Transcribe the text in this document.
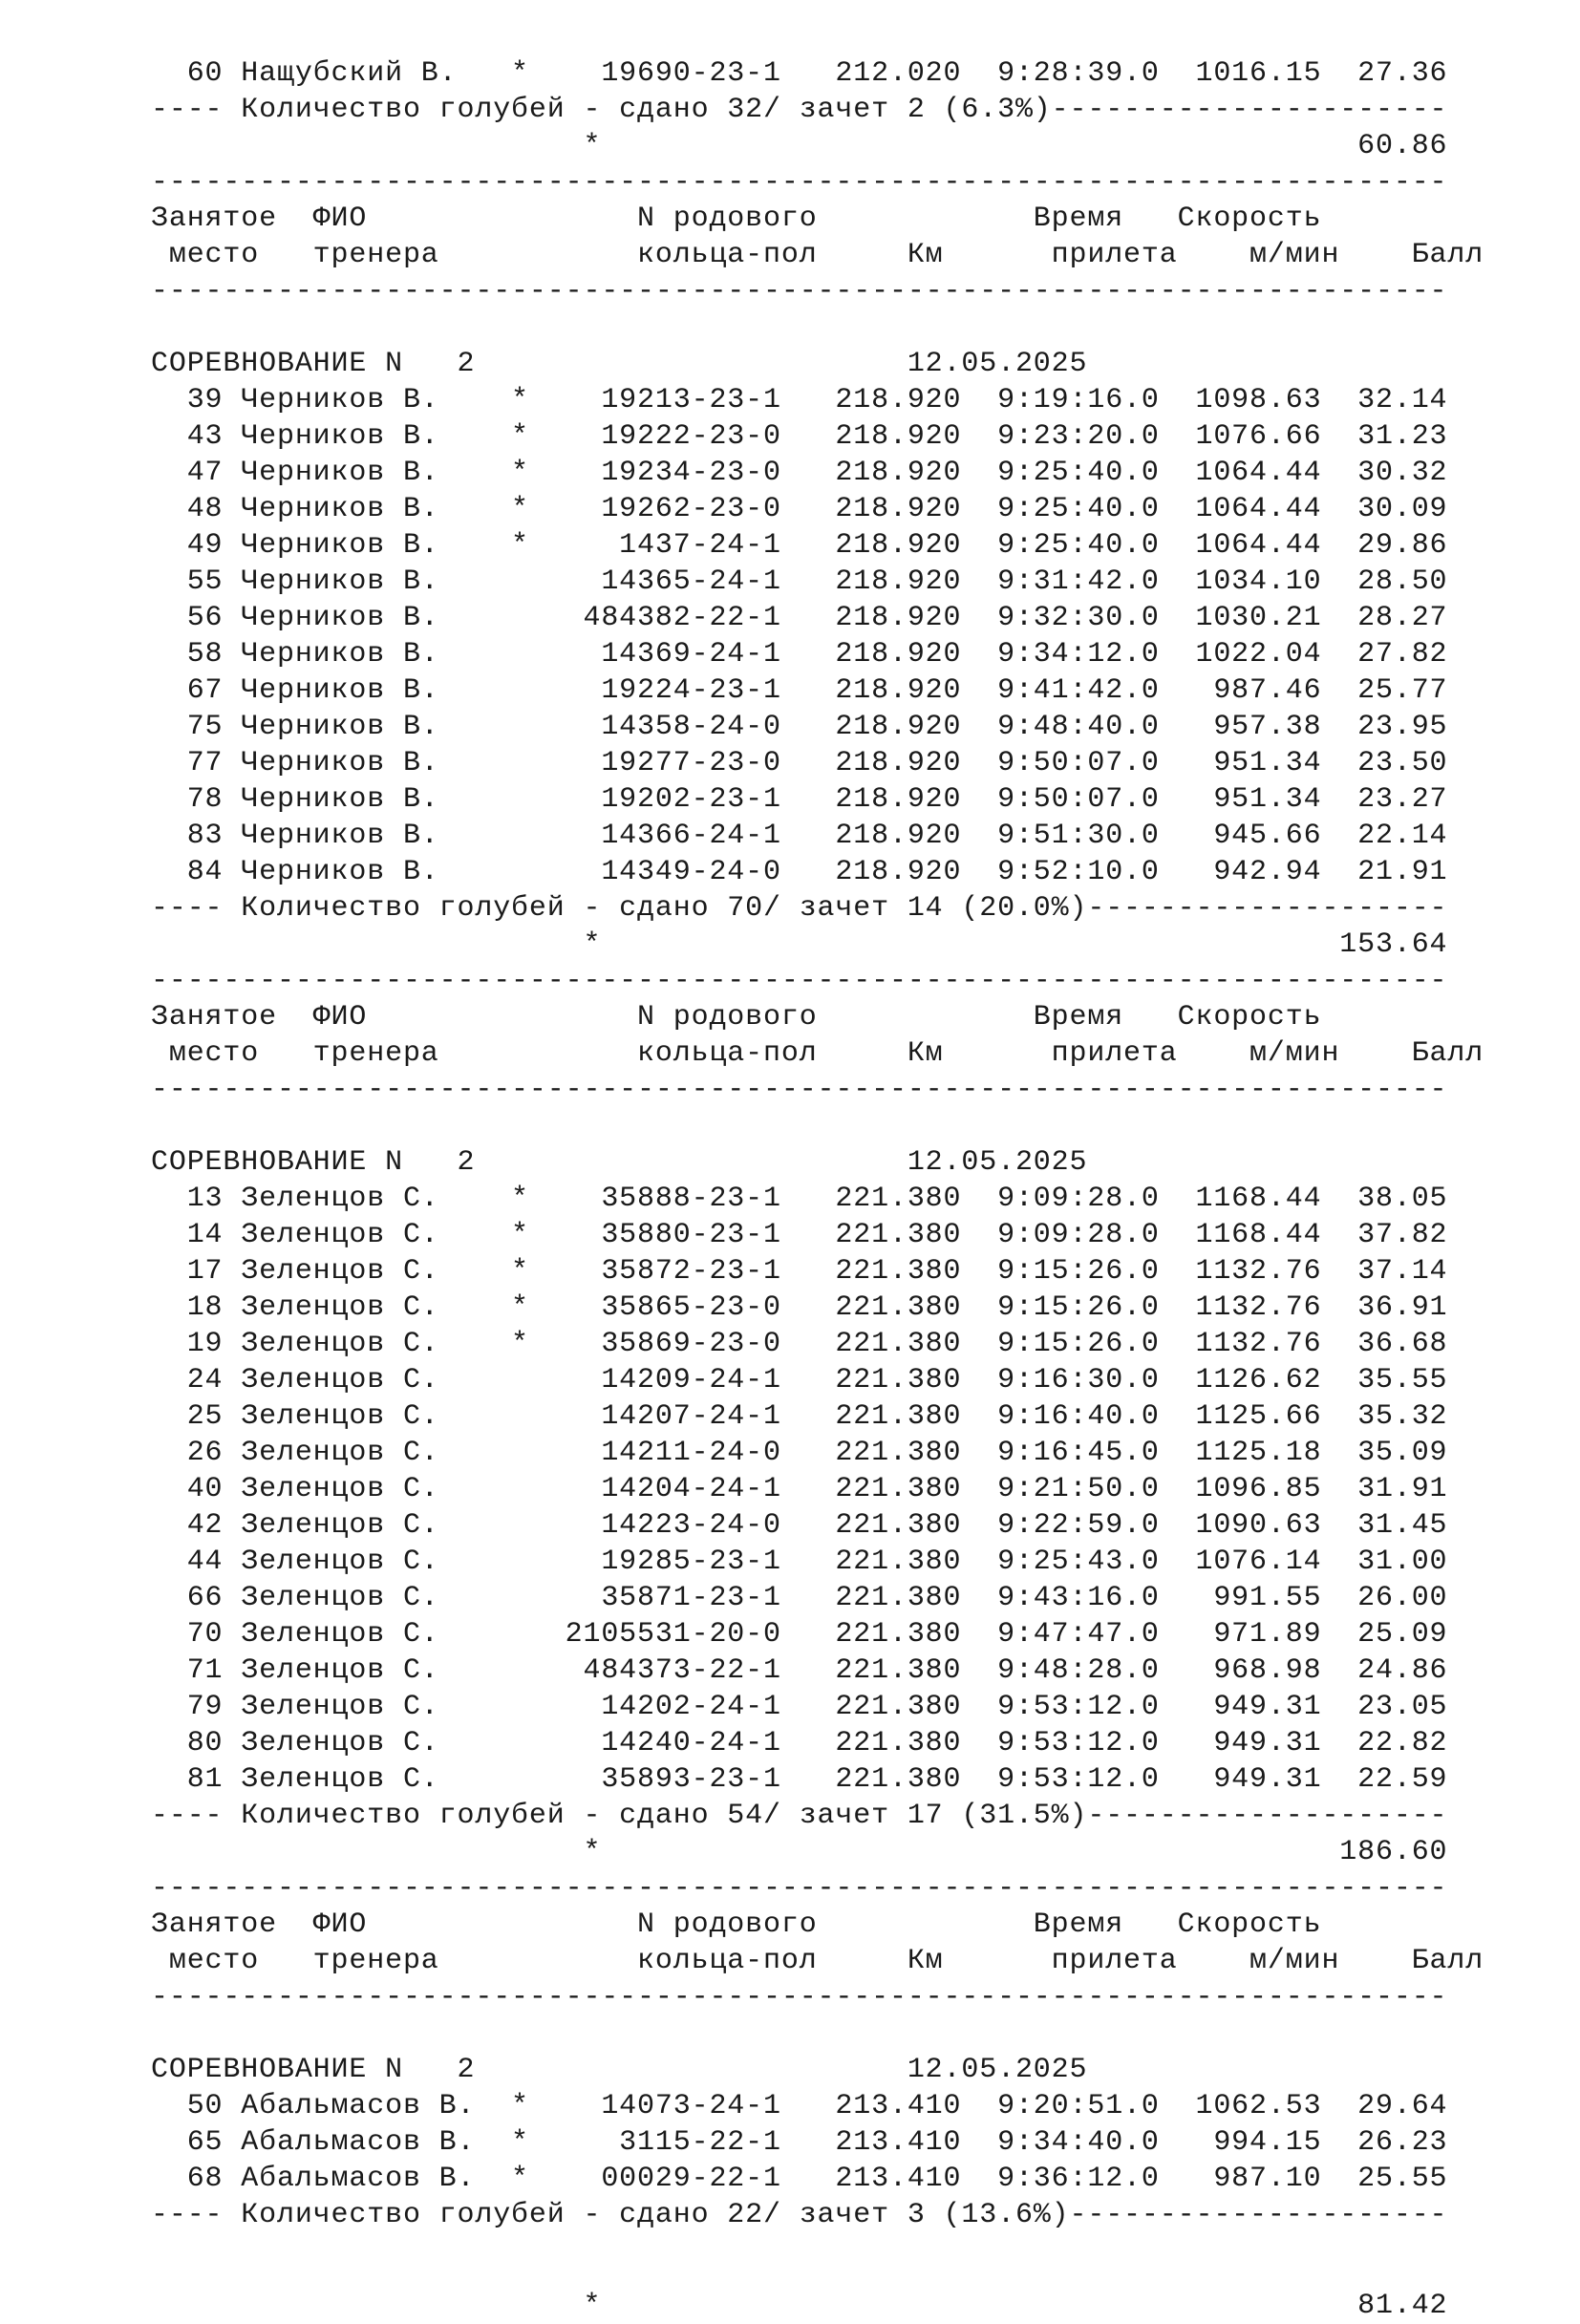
60 Нащубский В.   *    19690-23-1   212.020  9:28:39.0  1016.15  27.36
---- Количество голубей - сдано 32/ зачет 2 (6.3%)----------------------
*                                          60.86
------------------------------------------------------------------------
Занятое  ФИО               N родового            Время   Скорость
место   тренера           кольца-пол     Км      прилета    м/мин    Балл
------------------------------------------------------------------------
СОРЕВНОВАНИЕ N   2                        12.05.2025
39 Черников В.    *    19213-23-1   218.920  9:19:16.0  1098.63  32.14
43 Черников В.    *    19222-23-0   218.920  9:23:20.0  1076.66  31.23
47 Черников В.    *    19234-23-0   218.920  9:25:40.0  1064.44  30.32
48 Черников В.    *    19262-23-0   218.920  9:25:40.0  1064.44  30.09
49 Черников В.    *     1437-24-1   218.920  9:25:40.0  1064.44  29.86
55 Черников В.         14365-24-1   218.920  9:31:42.0  1034.10  28.50
56 Черников В.        484382-22-1   218.920  9:32:30.0  1030.21  28.27
58 Черников В.         14369-24-1   218.920  9:34:12.0  1022.04  27.82
67 Черников В.         19224-23-1   218.920  9:41:42.0   987.46  25.77
75 Черников В.         14358-24-0   218.920  9:48:40.0   957.38  23.95
77 Черников В.         19277-23-0   218.920  9:50:07.0   951.34  23.50
78 Черников В.         19202-23-1   218.920  9:50:07.0   951.34  23.27
83 Черников В.         14366-24-1   218.920  9:51:30.0   945.66  22.14
84 Черников В.         14349-24-0   218.920  9:52:10.0   942.94  21.91
---- Количество голубей - сдано 70/ зачет 14 (20.0%)--------------------
*                                         153.64
------------------------------------------------------------------------
Занятое  ФИО               N родового            Время   Скорость
место   тренера           кольца-пол     Км      прилета    м/мин    Балл
------------------------------------------------------------------------
СОРЕВНОВАНИЕ N   2                        12.05.2025
13 Зеленцов С.    *    35888-23-1   221.380  9:09:28.0  1168.44  38.05
14 Зеленцов С.    *    35880-23-1   221.380  9:09:28.0  1168.44  37.82
17 Зеленцов С.    *    35872-23-1   221.380  9:15:26.0  1132.76  37.14
18 Зеленцов С.    *    35865-23-0   221.380  9:15:26.0  1132.76  36.91
19 Зеленцов С.    *    35869-23-0   221.380  9:15:26.0  1132.76  36.68
24 Зеленцов С.         14209-24-1   221.380  9:16:30.0  1126.62  35.55
25 Зеленцов С.         14207-24-1   221.380  9:16:40.0  1125.66  35.32
26 Зеленцов С.         14211-24-0   221.380  9:16:45.0  1125.18  35.09
40 Зеленцов С.         14204-24-1   221.380  9:21:50.0  1096.85  31.91
42 Зеленцов С.         14223-24-0   221.380  9:22:59.0  1090.63  31.45
44 Зеленцов С.         19285-23-1   221.380  9:25:43.0  1076.14  31.00
66 Зеленцов С.         35871-23-1   221.380  9:43:16.0   991.55  26.00
70 Зеленцов С.       2105531-20-0   221.380  9:47:47.0   971.89  25.09
71 Зеленцов С.        484373-22-1   221.380  9:48:28.0   968.98  24.86
79 Зеленцов С.         14202-24-1   221.380  9:53:12.0   949.31  23.05
80 Зеленцов С.         14240-24-1   221.380  9:53:12.0   949.31  22.82
81 Зеленцов С.         35893-23-1   221.380  9:53:12.0   949.31  22.59
---- Количество голубей - сдано 54/ зачет 17 (31.5%)--------------------
*                                         186.60
------------------------------------------------------------------------
Занятое  ФИО               N родового            Время   Скорость
место   тренера           кольца-пол     Км      прилета    м/мин    Балл
------------------------------------------------------------------------
СОРЕВНОВАНИЕ N   2                        12.05.2025
50 Абальмасов В.  *    14073-24-1   213.410  9:20:51.0  1062.53  29.64
65 Абальмасов В.  *     3115-22-1   213.410  9:34:40.0   994.15  26.23
68 Абальмасов В.  *    00029-22-1   213.410  9:36:12.0   987.10  25.55
---- Количество голубей - сдано 22/ зачет 3 (13.6%)---------------------
*                                          81.42
